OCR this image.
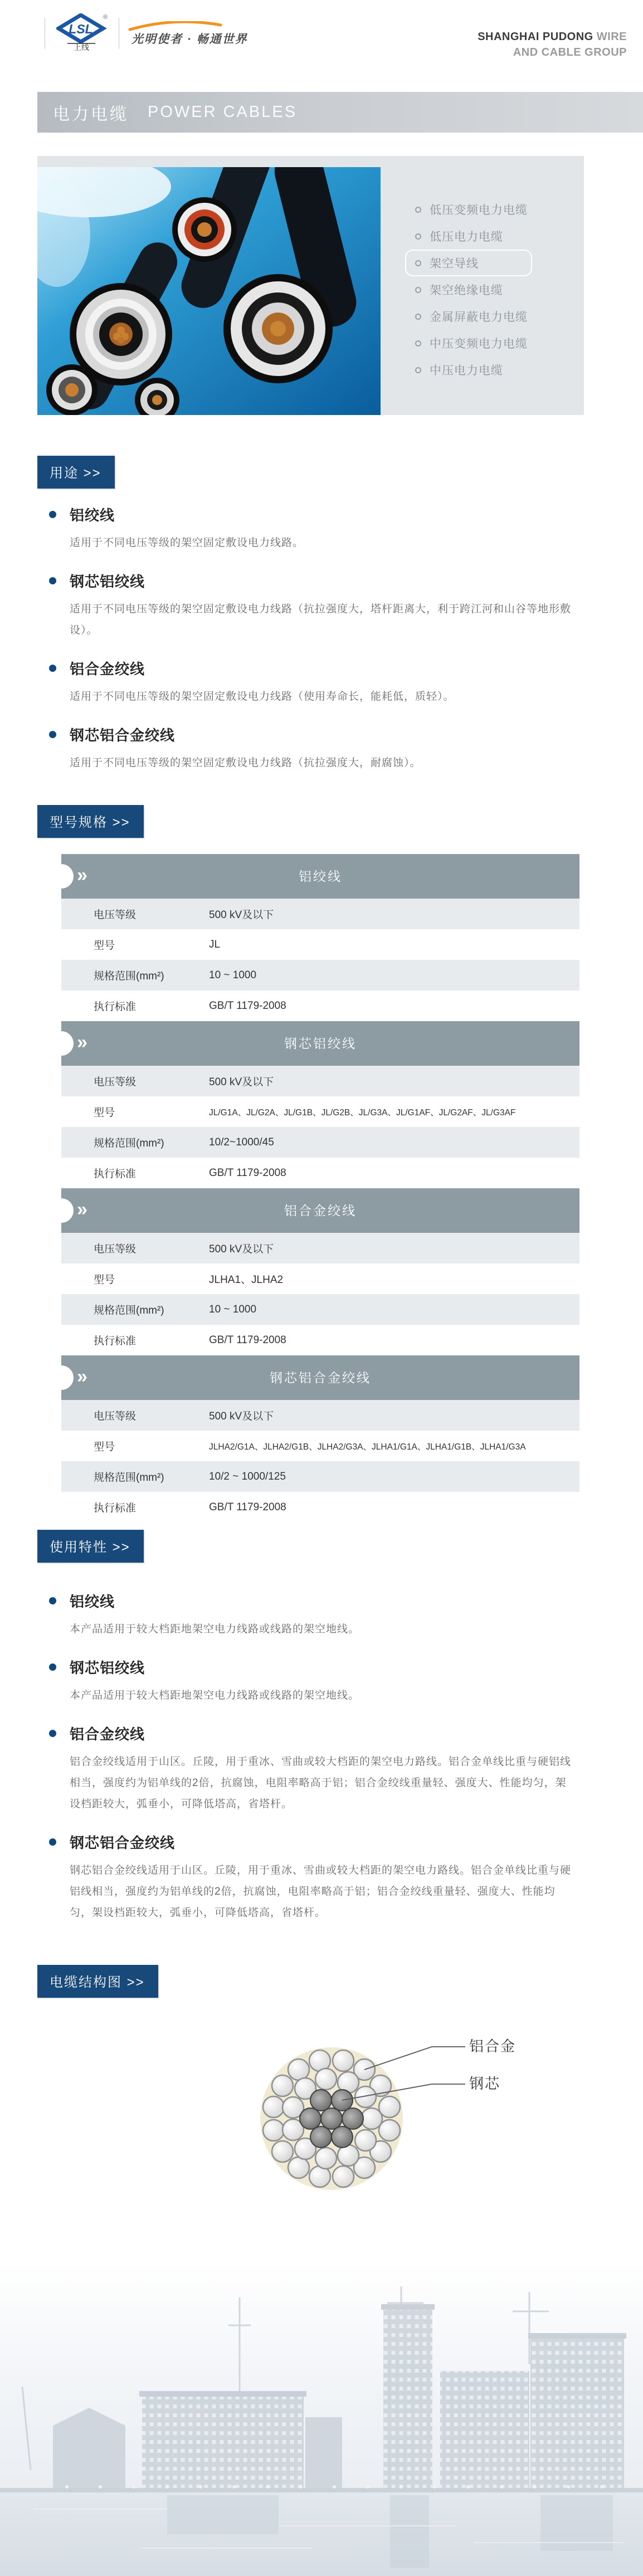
LSL
®
上线
光明使者 · 畅通世界	SHANGHAI PUDONG WIRE
AND CABLE GROUP
电力电缆 POWER CABLES
低压变频电力电缆
低压电力电缆
架空导线
架空绝缘电缆
金属屏蔽电力电缆
中压变频电力电缆
中压电力电缆
用途 >>
铝绞线
适用于不同电压等级的架空固定敷设电力线路。
钢芯铝绞线
适用于不同电压等级的架空固定敷设电力线路（抗拉强度大，塔杆距离大，利于跨江河和山谷等地形敷设）。
铝合金绞线
适用于不同电压等级的架空固定敷设电力线路（使用寿命长，能耗低，质轻）。
钢芯铝合金绞线
适用于不同电压等级的架空固定敷设电力线路（抗拉强度大，耐腐蚀）。
型号规格 >>
»	铝绞线
电压等级	500 kV及以下
型号	JL
规格范围(mm²)	10 ~ 1000
执行标准	GB/T 1179-2008
»	钢芯铝绞线
电压等级	500 kV及以下
型号	JL/G1A、JL/G2A、JL/G1B、JL/G2B、JL/G3A、JL/G1AF、JL/G2AF、JL/G3AF
规格范围(mm²)	10/2~1000/45
执行标准	GB/T 1179-2008
»	铝合金绞线
电压等级	500 kV及以下
型号	JLHA1、JLHA2
规格范围(mm²)	10 ~ 1000
执行标准	GB/T 1179-2008
»	钢芯铝合金绞线
电压等级	500 kV及以下
型号	JLHA2/G1A、JLHA2/G1B、JLHA2/G3A、JLHA1/G1A、JLHA1/G1B、JLHA1/G3A
规格范围(mm²)	10/2 ~ 1000/125
执行标准	GB/T 1179-2008
使用特性 >>
铝绞线
本产品适用于较大档距地架空电力线路或线路的架空地线。
钢芯铝绞线
本产品适用于较大档距地架空电力线路或线路的架空地线。
铝合金绞线
铝合金绞线适用于山区。丘陵，用于重冰、雪曲或较大档距的架空电力路线。铝合金单线比重与硬铝线相当，强度约为铝单线的2倍，抗腐蚀，电阻率略高于铝；铝合金绞线重量轻、强度大、性能均匀，架设档距较大，弧垂小，可降低塔高，省塔杆。
钢芯铝合金绞线
钢芯铝合金绞线适用于山区。丘陵，用于重冰、雪曲或较大档距的架空电力路线。铝合金单线比重与硬铝线相当，强度约为铝单线的2倍，抗腐蚀，电阻率略高于铝；铝合金绞线重量轻、强度大、性能均匀，架设档距较大，弧垂小，可降低塔高，省塔杆。
电缆结构图 >>
铝合金
钢芯
